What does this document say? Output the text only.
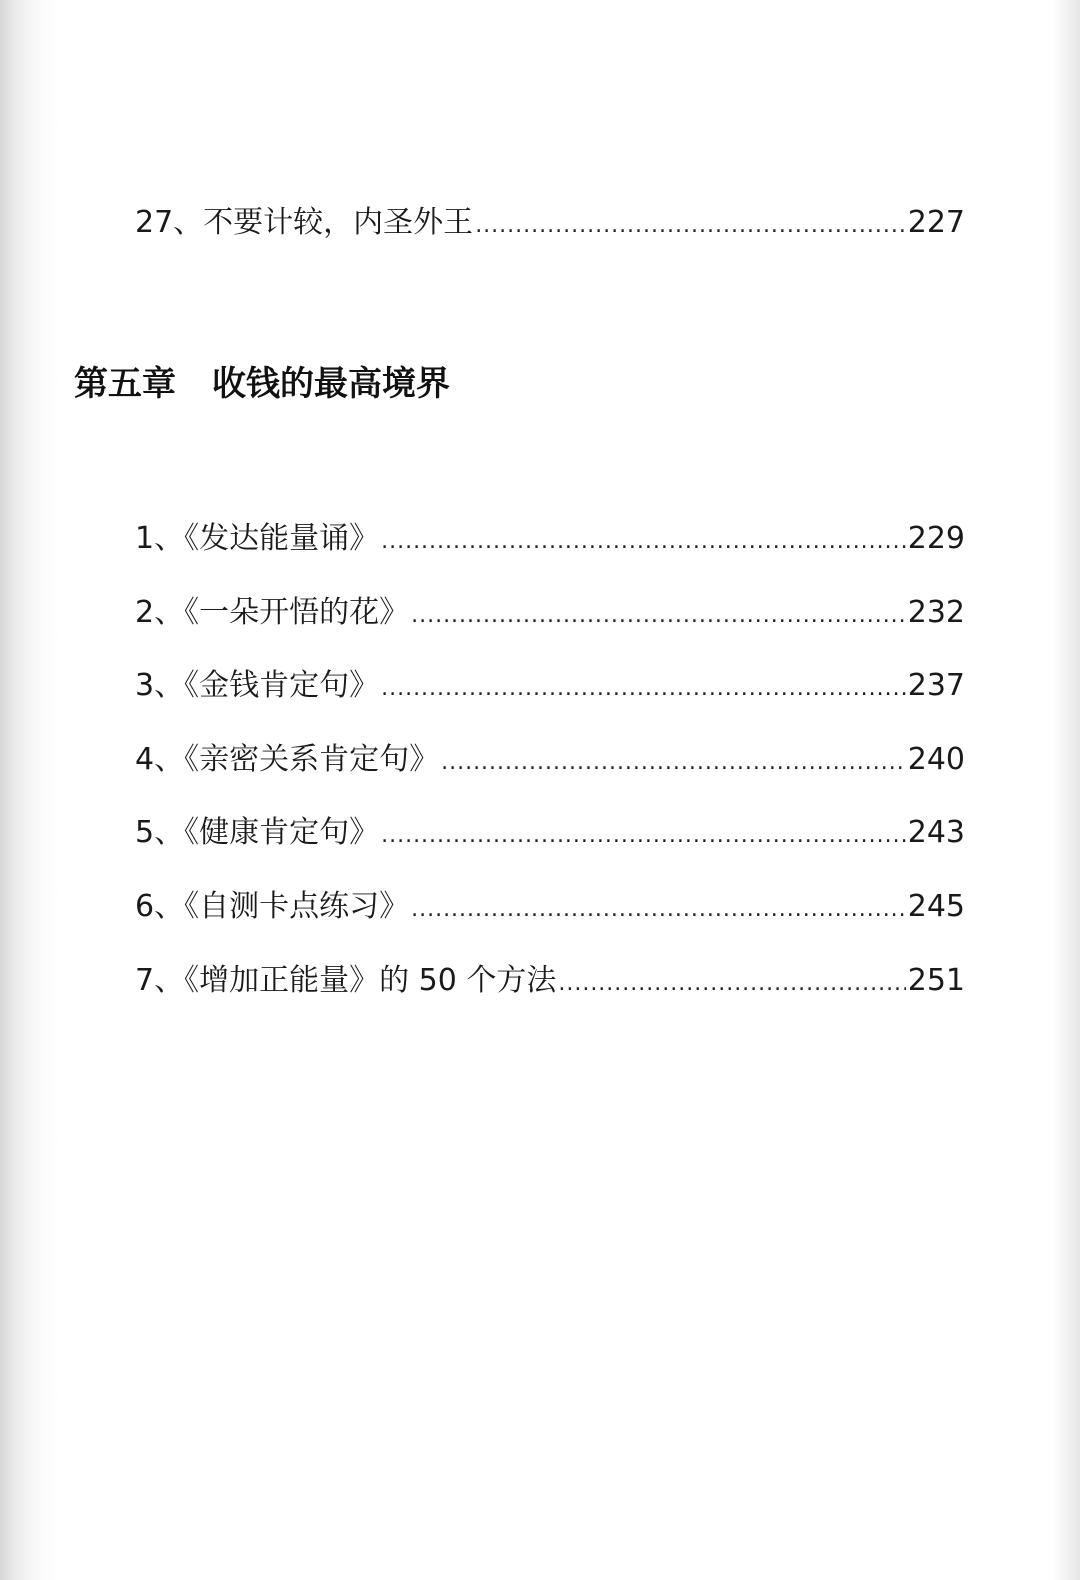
27、不要计较，内圣外王 .....	227
第五章 收钱的最高境界
1、《发达能量诵》 .....	229
2、《一朵开悟的花》 .....	232
3、《金钱肯定句》 .....	237
4、《亲密关系肯定句》 .....	240
5、《健康肯定句》 .....	243
6、《自测卡点练习》 .....	245
7、《增加正能量》的 50 个方法 .....	251
